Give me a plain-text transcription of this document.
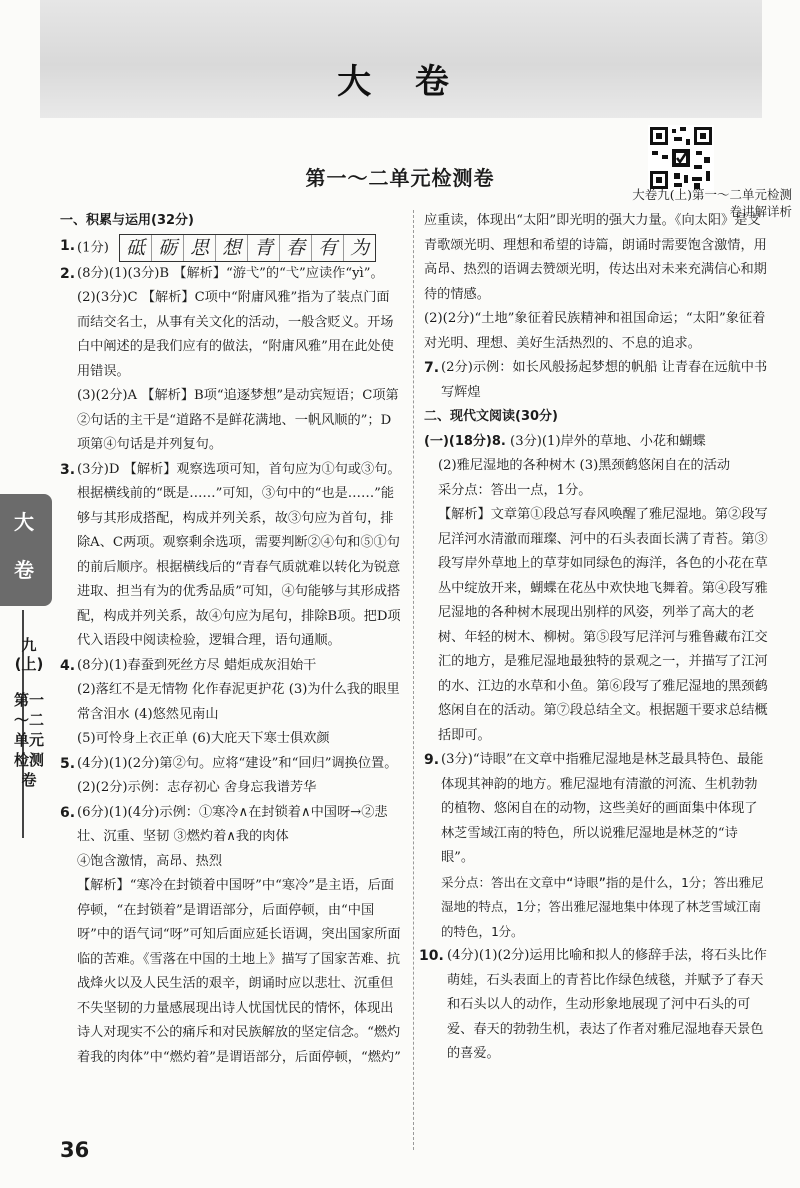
大 卷
大卷九(上)第一～二单元检测卷讲解详析
第一～二单元检测卷
大卷
九(上)
第一～二单元检测卷
一、积累与运用(32分)
1. (1分) 砥 砺 思 想 青 春 有 为
2. (8分)(1)(3分)B 【解析】“游弋”的“弋”应读作“yì”。
(2)(3分)C 【解析】C项中“附庸风雅”指为了装点门面而结交名士，从事有关文化的活动，一般含贬义。开场白中阐述的是我们应有的做法，“附庸风雅”用在此处使用错误。
(3)(2分)A 【解析】B项“追逐梦想”是动宾短语；C项第②句话的主干是“道路不是鲜花满地、一帆风顺的”；D项第④句话是并列复句。
3. (3分)D 【解析】观察选项可知，首句应为①句或③句。根据横线前的“既是……”可知，③句中的“也是……”能够与其形成搭配，构成并列关系，故③句应为首句，排除A、C两项。观察剩余选项，需要判断②④句和⑤①句的前后顺序。根据横线后的“青春气质就难以转化为锐意进取、担当有为的优秀品质”可知，④句能够与其形成搭配，构成并列关系，故④句应为尾句，排除B项。把D项代入语段中阅读检验，逻辑合理，语句通顺。
4. (8分)(1)春蚕到死丝方尽 蜡炬成灰泪始干
(2)落红不是无情物 化作春泥更护花 (3)为什么我的眼里常含泪水 (4)悠然见南山
(5)可怜身上衣正单 (6)大庇天下寒士俱欢颜
5. (4分)(1)(2分)第②句。应将“建设”和“回归”调换位置。
(2)(2分)示例：志存初心 舍身忘我谱芳华
6. (6分)(1)(4分)示例：①寒冷∧在封锁着∧中国呀→②悲壮、沉重、坚韧 ③燃灼着∧我的肉体
④饱含激情，高昂、热烈
【解析】“寒冷在封锁着中国呀”中“寒冷”是主语，后面停顿，“在封锁着”是谓语部分，后面停顿，由“中国呀”中的语气词“呀”可知后面应延长语调，突出国家所面临的苦难。《雪落在中国的土地上》描写了国家苦难、抗战烽火以及人民生活的艰辛，朗诵时应以悲壮、沉重但不失坚韧的力量感展现出诗人忧国忧民的情怀，体现出诗人对现实不公的痛斥和对民族解放的坚定信念。“燃灼着我的肉体”中“燃灼着”是谓语部分，后面停顿，“燃灼”
应重读，体现出“太阳”即光明的强大力量。《向太阳》是支青歌颂光明、理想和希望的诗篇，朗诵时需要饱含激情，用高昂、热烈的语调去赞颂光明，传达出对未来充满信心和期待的情感。
(2)(2分)“土地”象征着民族精神和祖国命运；“太阳”象征着对光明、理想、美好生活热烈的、不息的追求。
7. (2分)示例：如长风般扬起梦想的帆船 让青春在远航中书写辉煌
二、现代文阅读(30分)
(一)(18分)8. (3分)(1)岸外的草地、小花和蝴蝶
(2)雅尼湿地的各种树木 (3)黑颈鹤悠闲自在的活动
采分点：答出一点，1分。
【解析】文章第①段总写春风唤醒了雅尼湿地。第②段写尼洋河水清澈而璀璨、河中的石头表面长满了青苔。第③段写岸外草地上的草芽如同绿色的海洋，各色的小花在草丛中绽放开来，蝴蝶在花丛中欢快地飞舞着。第④段写雅尼湿地的各种树木展现出别样的风姿，列举了高大的老树、年轻的树木、柳树。第⑤段写尼洋河与雅鲁藏布江交汇的地方，是雅尼湿地最独特的景观之一，并描写了江河的水、江边的水草和小鱼。第⑥段写了雅尼湿地的黑颈鹤悠闲自在的活动。第⑦段总结全文。根据题干要求总结概括即可。
9. (3分)“诗眼”在文章中指雅尼湿地是林芝最具特色、最能体现其神韵的地方。雅尼湿地有清澈的河流、生机勃勃的植物、悠闲自在的动物，这些美好的画面集中体现了林芝雪域江南的特色，所以说雅尼湿地是林芝的“诗眼”。
采分点：答出在文章中“诗眼”指的是什么，1分；答出雅尼湿地的特点，1分；答出雅尼湿地集中体现了林芝雪域江南的特色，1分。
10. (4分)(1)(2分)运用比喻和拟人的修辞手法，将石头比作萌娃，石头表面上的青苔比作绿色绒毯，并赋予了春天和石头以人的动作，生动形象地展现了河中石头的可爱、春天的勃勃生机，表达了作者对雅尼湿地春天景色的喜爱。
36
